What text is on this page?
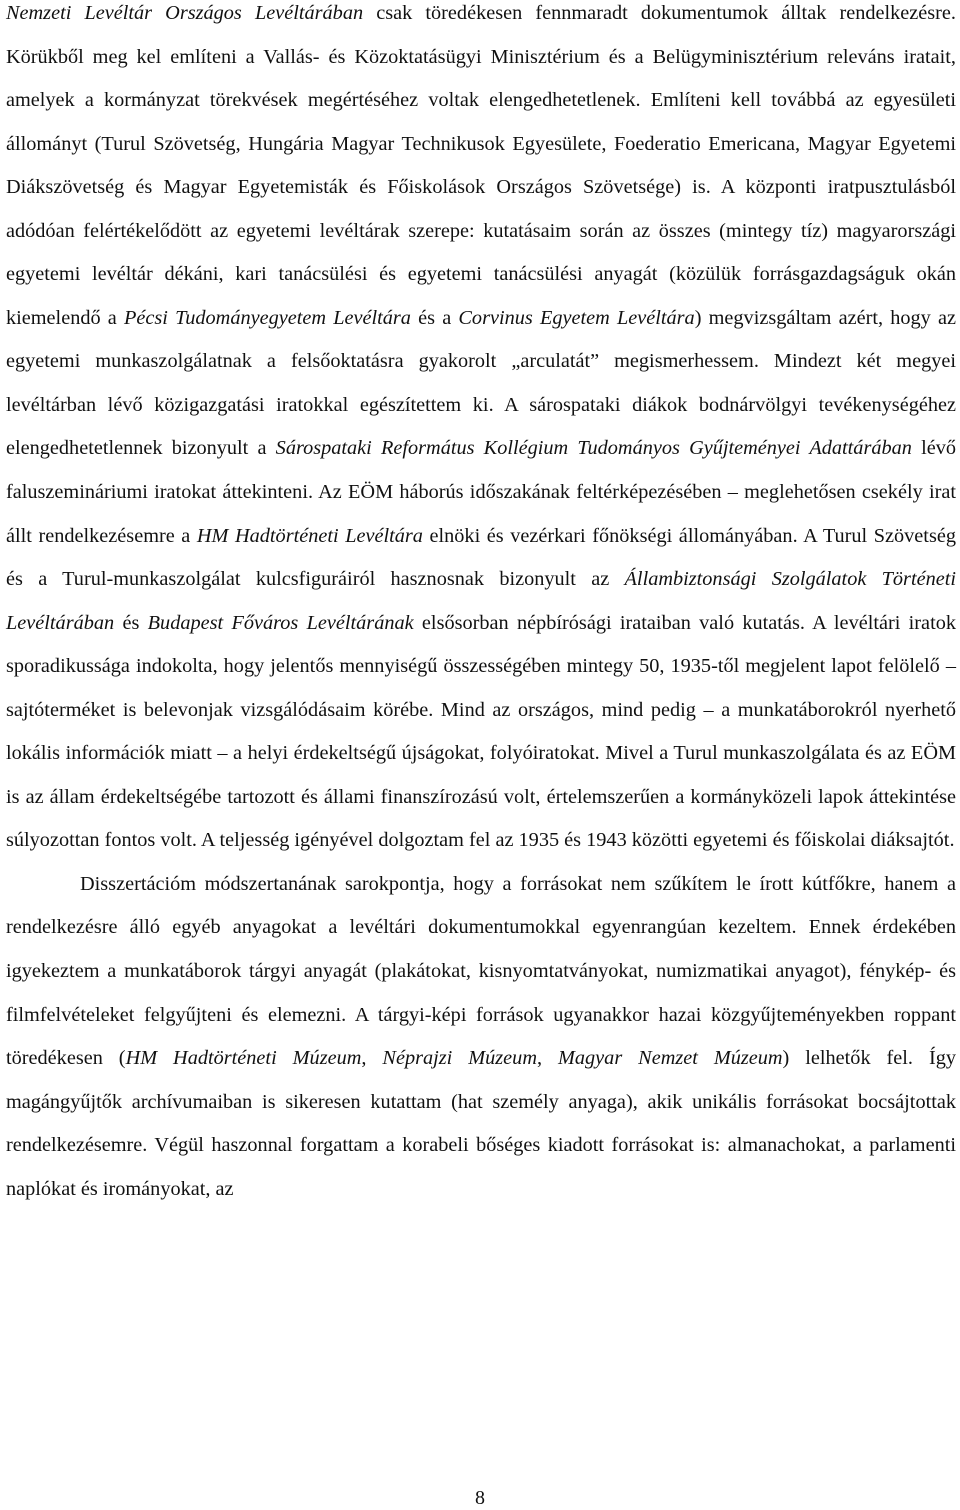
Nemzeti Levéltár Országos Levéltárában csak töredékesen fennmaradt dokumentumok álltak rendelkezésre. Körükből meg kel említeni a Vallás- és Közoktatásügyi Minisztérium és a Belügyminisztérium releváns iratait, amelyek a kormányzat törekvések megértéséhez voltak elengedhetetlenek. Említeni kell továbbá az egyesületi állományt (Turul Szövetség, Hungária Magyar Technikusok Egyesülete, Foederatio Emericana, Magyar Egyetemi Diákszövetség és Magyar Egyetemisták és Főiskolások Országos Szövetsége) is. A központi iratpusztulásból adódóan felértékelődött az egyetemi levéltárak szerepe: kutatásaim során az összes (mintegy tíz) magyarországi egyetemi levéltár dékáni, kari tanácsülési és egyetemi tanácsülési anyagát (közülük forrásgazdagságuk okán kiemelendő a Pécsi Tudományegyetem Levéltára és a Corvinus Egyetem Levéltára) megvizsgáltam azért, hogy az egyetemi munkaszolgálatnak a felsőoktatásra gyakorolt „arculatát” megismerhessem. Mindezt két megyei levéltárban lévő közigazgatási iratokkal egészítettem ki. A sárospataki diákok bodnárvölgyi tevékenységéhez elengedhetetlennek bizonyult a Sárospataki Református Kollégium Tudományos Gyűjteményei Adattárában lévő faluszemináriumi iratokat áttekinteni. Az EÖM háborús időszakának feltérképezésében – meglehetősen csekély irat állt rendelkezésemre a HM Hadtörténeti Levéltára elnöki és vezérkari főnökségi állományában. A Turul Szövetség és a Turul-munkaszolgálat kulcsfiguráiról hasznosnak bizonyult az Állambiztonsági Szolgálatok Történeti Levéltárában és Budapest Főváros Levéltárának elsősorban népbírósági irataiban való kutatás. A levéltári iratok sporadikussága indokolta, hogy jelentős mennyiségű összességében mintegy 50, 1935-től megjelent lapot felölelő – sajtóterméket is belevonjak vizsgálódásaim körébe. Mind az országos, mind pedig – a munkatáborokról nyerhető lokális információk miatt – a helyi érdekeltségű újságokat, folyóiratokat. Mivel a Turul munkaszolgálata és az EÖM is az állam érdekeltségébe tartozott és állami finanszírozású volt, értelemszerűen a kormányközeli lapok áttekintése súlyozottan fontos volt. A teljesség igényével dolgoztam fel az 1935 és 1943 közötti egyetemi és főiskolai diáksajtót.

Disszertációm módszertanának sarokpontja, hogy a forrásokat nem szűkítem le írott kútfőkre, hanem a rendelkezésre álló egyéb anyagokat a levéltári dokumentumokkal egyenrangúan kezeltem. Ennek érdekében igyekeztem a munkatáborok tárgyi anyagát (plakátokat, kisnyomtatványokat, numizmatikai anyagot), fénykép- és filmfelvételeket felgyűjteni és elemezni. A tárgyi-képi források ugyanakkor hazai közgyűjteményekben roppant töredékesen (HM Hadtörténeti Múzeum, Néprajzi Múzeum, Magyar Nemzet Múzeum) lelhetők fel. Így magángyűjtők archívumaiban is sikeresen kutattam (hat személy anyaga), akik unikális forrásokat bocsájtottak rendelkezésemre. Végül haszonnal forgattam a korabeli bőséges kiadott forrásokat is: almanachokat, a parlamenti naplókat és irományokat, az

8
